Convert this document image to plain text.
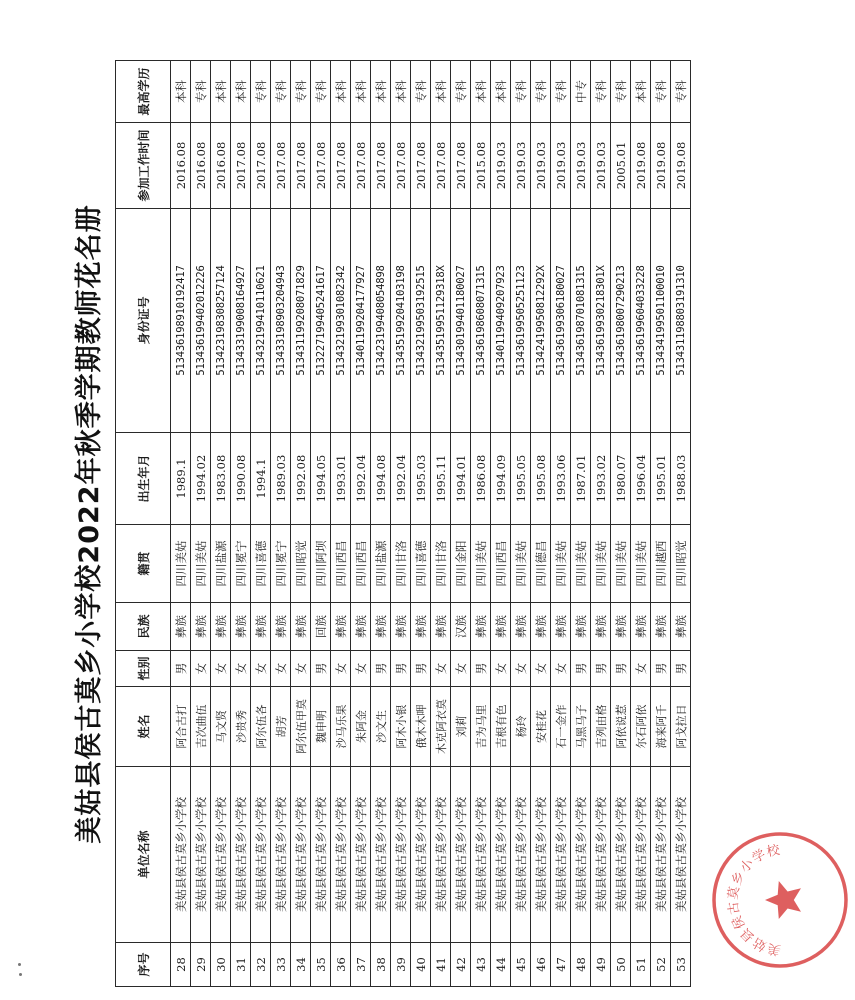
美姑县侯古莫乡小学校2022年秋季学期教师花名册
序号	单位名称	姓名	性别	民族	籍贯	出生年月	身份证号	参加工作时间	最高学历
28	美姑县侯古莫乡小学校	阿合古打	男	彝族	四川美姑	1989.1	513436198910192417	2016.08	本科
29	美姑县侯古莫乡小学校	吉次曲伍	女	彝族	四川美姑	1994.02	513436199402012226	2016.08	专科
30	美姑县侯古莫乡小学校	马文贤	女	彝族	四川盐源	1983.08	513423198308257124	2016.08	本科
31	美姑县侯古莫乡小学校	沙贵秀	女	彝族	四川冕宁	1990.08	513433199008164927	2017.08	本科
32	美姑县侯古莫乡小学校	阿尔伍各	女	彝族	四川喜德	1994.1	513432199410110621	2017.08	专科
33	美姑县侯古莫乡小学校	胡芳	女	彝族	四川冕宁	1989.03	513433198903204943	2017.08	专科
34	美姑县侯古莫乡小学校	阿尔伍甲莫	女	彝族	四川昭觉	1992.08	513431199208071829	2017.08	专科
35	美姑县侯古莫乡小学校	魏申明	男	回族	四川阿坝	1994.05	513227199405241617	2017.08	专科
36	美姑县侯古莫乡小学校	沙马乐果	女	彝族	四川西昌	1993.01	513432199301082342	2017.08	本科
37	美姑县侯古莫乡小学校	朱阿金	女	彝族	四川西昌	1992.04	513401199204177927	2017.08	本科
38	美姑县侯古莫乡小学校	沙文生	男	彝族	四川盐源	1994.08	513423199408054898	2017.08	本科
39	美姑县侯古莫乡小学校	阿木小银	男	彝族	四川甘洛	1992.04	513435199204103198	2017.08	本科
40	美姑县侯古莫乡小学校	俄木木呷	男	彝族	四川喜德	1995.03	513432199503192515	2017.08	专科
41	美姑县侯古莫乡小学校	木克阿衣莫	女	彝族	四川甘洛	1995.11	51343519951129318X	2017.08	本科
42	美姑县侯古莫乡小学校	刘莉	女	汉族	四川金阳	1994.01	513430199401180027	2017.08	专科
43	美姑县侯古莫乡小学校	吉为马里	男	彝族	四川美姑	1986.08	513436198608071315	2015.08	本科
44	美姑县侯古莫乡小学校	吉根有色	女	彝族	四川西昌	1994.09	513401199409207923	2019.03	本科
45	美姑县侯古莫乡小学校	杨玲	女	彝族	四川美姑	1995.05	513436199505251123	2019.03	专科
46	美姑县侯古莫乡小学校	安桂花	女	彝族	四川德昌	1995.08	51342419950812292X	2019.03	专科
47	美姑县侯古莫乡小学校	石一金作	女	彝族	四川美姑	1993.06	513436199306180027	2019.03	专科
48	美姑县侯古莫乡小学校	马黑马子	男	彝族	四川美姑	1987.01	513436198701081315	2019.03	中专
49	美姑县侯古莫乡小学校	吉列由格	男	彝族	四川美姑	1993.02	51343619930218301X	2019.03	专科
50	美姑县侯古莫乡小学校	阿依说惹	男	彝族	四川美姑	1980.07	513436198007290213	2005.01	专科
51	美姑县侯古莫乡小学校	尔石阿依	女	彝族	四川美姑	1996.04	513436199604033228	2019.08	本科
52	美姑县侯古莫乡小学校	海来阿千	男	彝族	四川越西	1995.01	513434199501100010	2019.08	专科
53	美姑县侯古莫乡小学校	阿戈拉日	男	彝族	四川昭觉	1988.03	513431198803191310	2019.08	专科
美姑县侯古莫乡小学校
